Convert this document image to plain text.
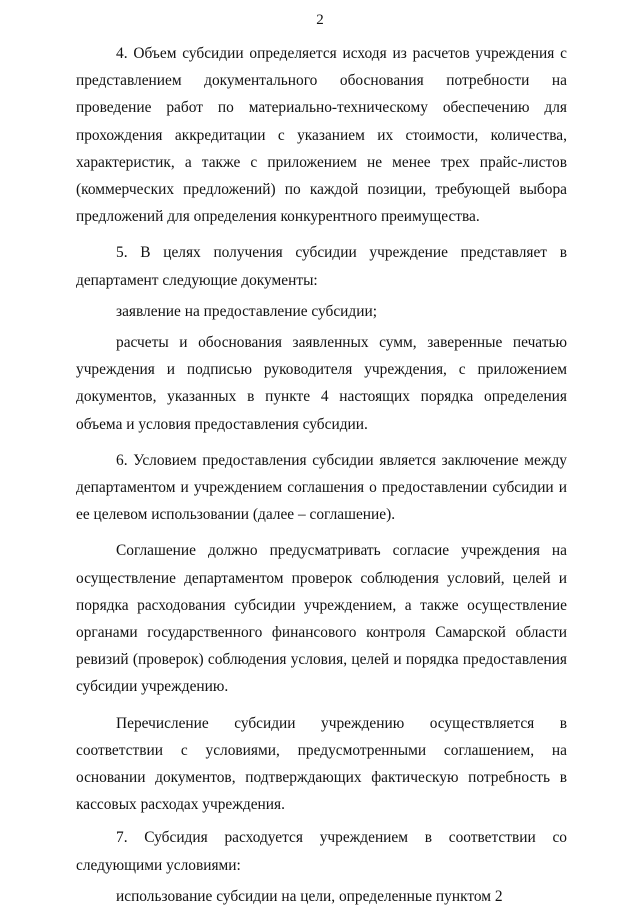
2

4. Объем субсидии определяется исходя из расчетов учреждения с представлением документального обоснования потребности на проведение работ по материально-техническому обеспечению для прохождения аккредитации с указанием их стоимости, количества, характеристик, а также с приложением не менее трех прайс-листов (коммерческих предложений) по каждой позиции, требующей выбора предложений для определения конкурентного преимущества.

5. В целях получения субсидии учреждение представляет в департамент следующие документы:

заявление на предоставление субсидии;

расчеты и обоснования заявленных сумм, заверенные печатью учреждения и подписью руководителя учреждения, с приложением документов, указанных в пункте 4 настоящих порядка определения объема и условия предоставления субсидии.

6. Условием предоставления субсидии является заключение между департаментом и учреждением соглашения о предоставлении субсидии и ее целевом использовании (далее – соглашение).

Соглашение должно предусматривать согласие учреждения на осуществление департаментом проверок соблюдения условий, целей и порядка расходования субсидии учреждением, а также осуществление органами государственного финансового контроля Самарской области ревизий (проверок) соблюдения условия, целей и порядка предоставления субсидии учреждению.

Перечисление субсидии учреждению осуществляется в соответствии с условиями, предусмотренными соглашением, на основании документов, подтверждающих фактическую потребность в кассовых расходах учреждения.

7. Субсидия расходуется учреждением в соответствии со следующими условиями:

использование субсидии на цели, определенные пунктом 2
